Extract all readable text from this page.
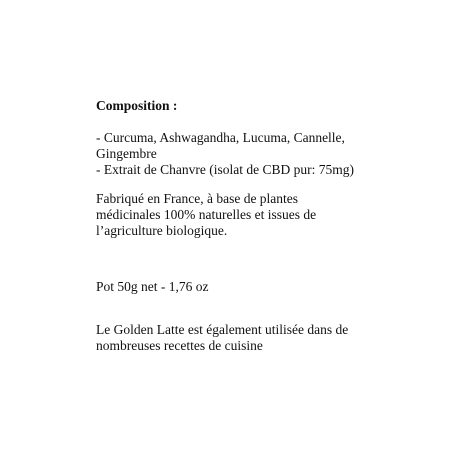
Composition :

- Curcuma, Ashwagandha, Lucuma, Cannelle, Gingembre
- Extrait de Chanvre (isolat de CBD pur: 75mg)

Fabriqué en France, à base de plantes médicinales 100% naturelles et issues de l’agriculture biologique.

Pot 50g net - 1,76 oz

Le Golden Latte est également utilisée dans de nombreuses recettes de cuisine
